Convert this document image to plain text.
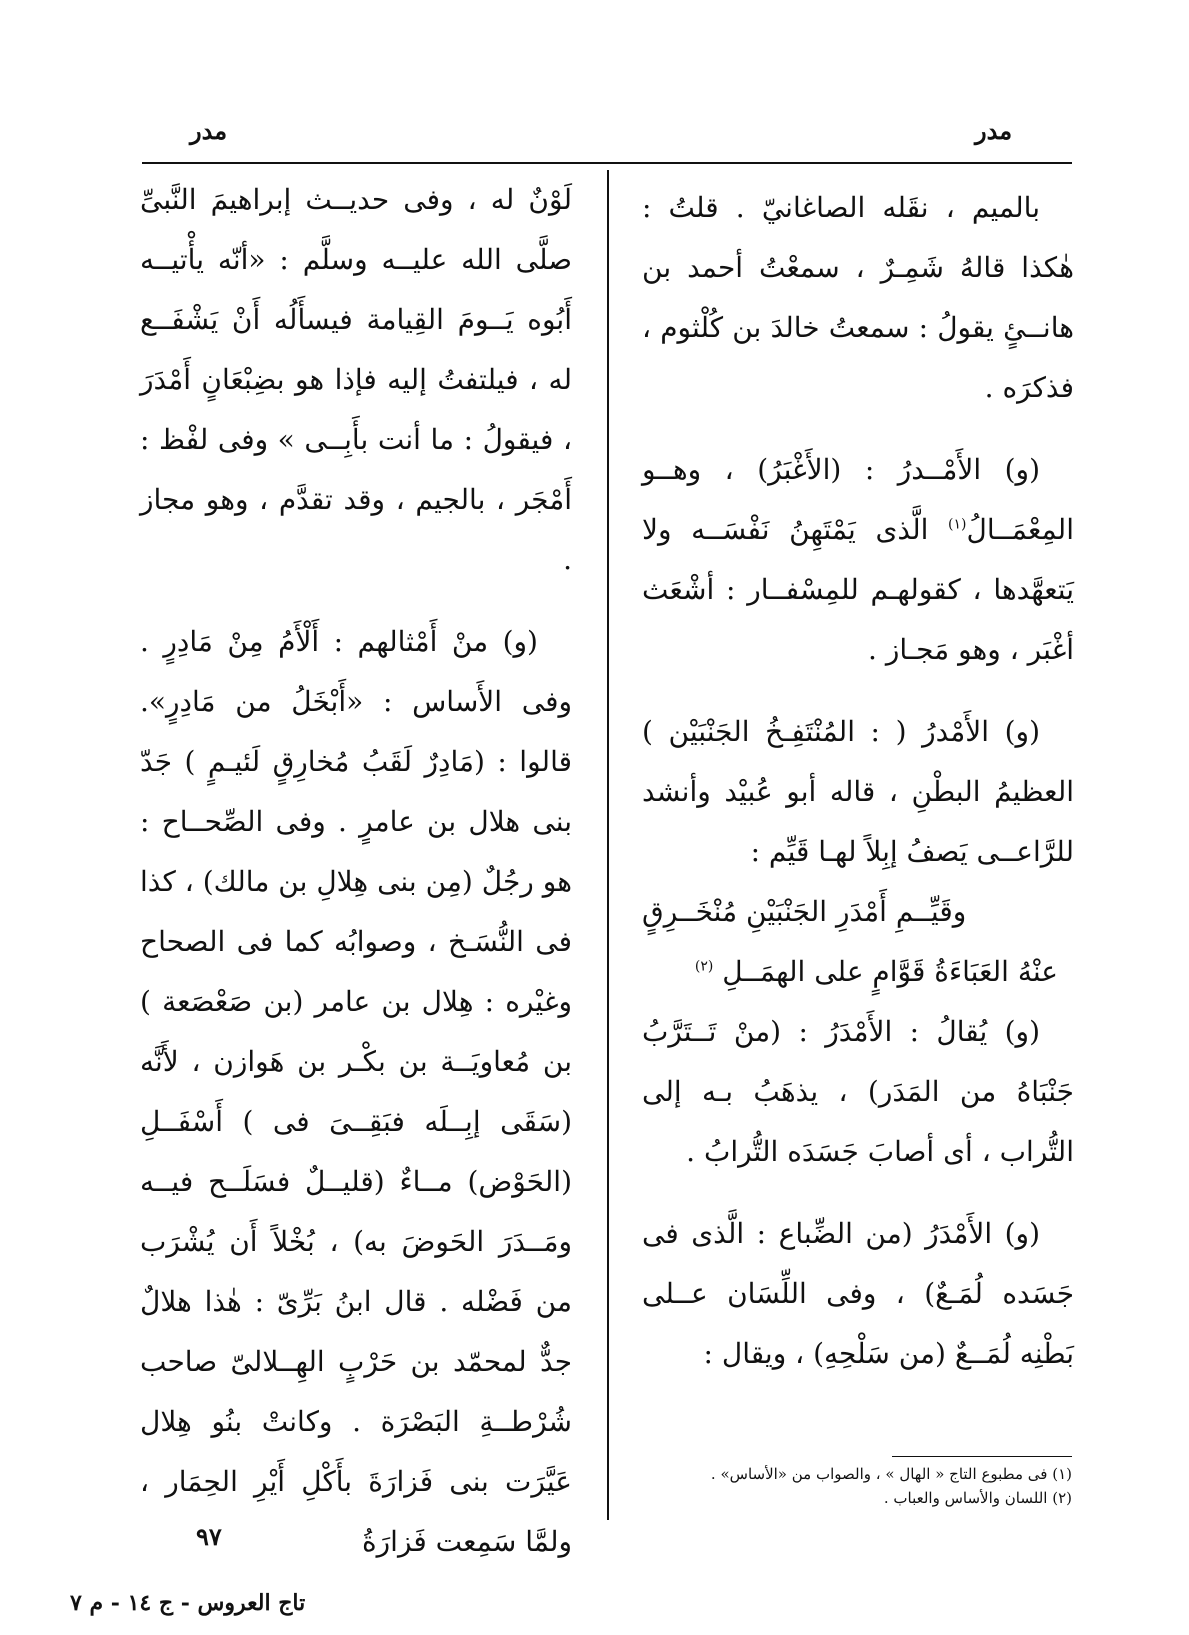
مدر
مدر

بالميم ، نقَله الصاغانيّ . قلتُ : هٰكذا قالهُ شَمِـرٌ ، سمعْتُ أحمد بن هانــئٍ يقولُ : سمعتُ خالدَ بن كُلْثوم ، فذكرَه .

(و) الأَمْــدرُ : (الأَغْبَرُ) ، وهــو المِعْمَــالُ$^{(١)}$ الَّذى يَمْتَهِنُ نَفْسَــه ولا يَتعهَّدها ، كقولهـم للمِسْفــار : أشْعَث أغْبَر ، وهو مَجـاز .

(و) الأَمْدرُ ( : المُنْتَفِـخُ الجَنْبَيْن ) العظيمُ البطْنِ ، قاله أبو عُبيْد وأنشد للرَّاعــى يَصفُ إبِلاً لهـا قَيِّم :

وقَيِّــمِ أَمْدَرِ الجَنْبَيْنِ مُنْخَــرِقٍ

عنْهُ العَبَاءَةُ قَوَّامٍ على الهمَــلِ $^{(٢)}$

(و) يُقالُ : الأَمْدَرُ : (منْ تَــتَرَّبُ جَنْبَاهُ من المَدَر) ، يذهَبُ بـه إلى التُّراب ، أى أصابَ جَسَدَه التُّرابُ .

(و) الأَمْدَرُ (من الضِّباع : الَّذى فى جَسَده لُمَـعٌ) ، وفى اللِّسَان عــلى بَطْنِه لُمَــعٌ (من سَلْحِهِ) ، ويقال :

لَوْنٌ له ، وفى حديــث إبراهيمَ النَّبىِّ صلَّى الله عليــه وسلَّم : «أنّه يأْتيــه أَبُوه يَــومَ القِيامة فيسأَلُه أَنْ يَشْفَــع له ، فيلتفتُ إليه فإذا هو بضِبْعَانٍ أَمْدَرَ ، فيقولُ : ما أنت بأَبِــى » وفى لفْظ : أَمْجَر ، بالجيم ، وقد تقدَّم ، وهو مجاز .

(و) منْ أَمْثالهم : أَلْأَمُ مِنْ مَادِرٍ . وفى الأَساس : «أَبْخَلُ من مَادِرٍ». قالوا : (مَادِرٌ لَقَبُ مُخارِقٍ لَئيـمٍ ) جَدّ بنى هلال بن عامرٍ . وفى الصِّحــاح : هو رجُلٌ (مِن بنى هِلالِ بن مالك) ، كذا فى النُّسَـخ ، وصوابُه كما فى الصحاح وغيْره : هِلال بن عامر (بن صَعْصَعة ) بن مُعاويَــة بن بكْـر بن هَوازن ، لأَنَّه (سَقَى إبِــلَه فبَقِــىَ فى ) أَسْفَــلِ (الحَوْض) مــاءٌ (قليــلٌ فسَلَــح فيــه ومَــدَرَ الحَوضَ به) ، بُخْلاً أَن يُشْرَب من فَضْله . قال ابنُ بَرِّىّ : هٰذا هلالٌ جدٌّ لمحمّد بن حَرْبٍ الهِــلالىّ صاحب شُرْطــةِ البَصْرَة . وكانتْ بنُو هِلال عَيَّرَت بنى فَزارَةَ بأَكْلِ أَيْرِ الحِمَار ، ولمَّا سَمِعت فَزارَةُ

(١) فى مطبوع التاج « الهال » ، والصواب من «الأساس» .

(٢) اللسان والأساس والعباب .

٩٧
تاج العروس - ج ١٤ - م ٧
